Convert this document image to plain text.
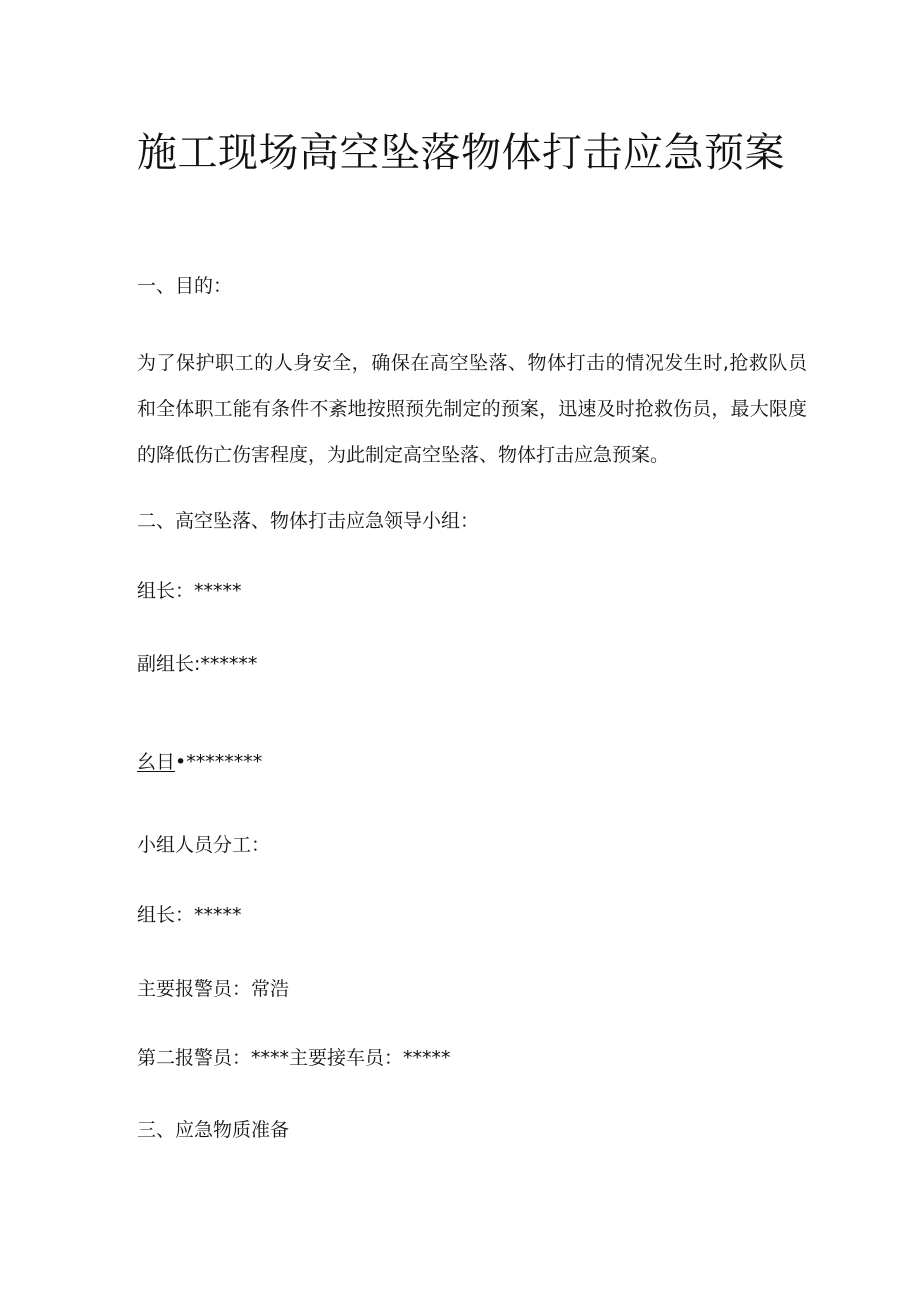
施工现场高空坠落物体打击应急预案

一、目的：

为了保护职工的人身安全，确保在高空坠落、物体打击的情况发生时,抢救队员和全体职工能有条件不紊地按照预先制定的预案，迅速及时抢救伤员，最大限度的降低伤亡伤害程度，为此制定高空坠落、物体打击应急预案。

二、高空坠落、物体打击应急领导小组：

组长：*****

副组长:******

幺日•********

小组人员分工：

组长：*****

主要报警员：常浩

第二报警员：****主要接车员：*****

三、应急物质准备
